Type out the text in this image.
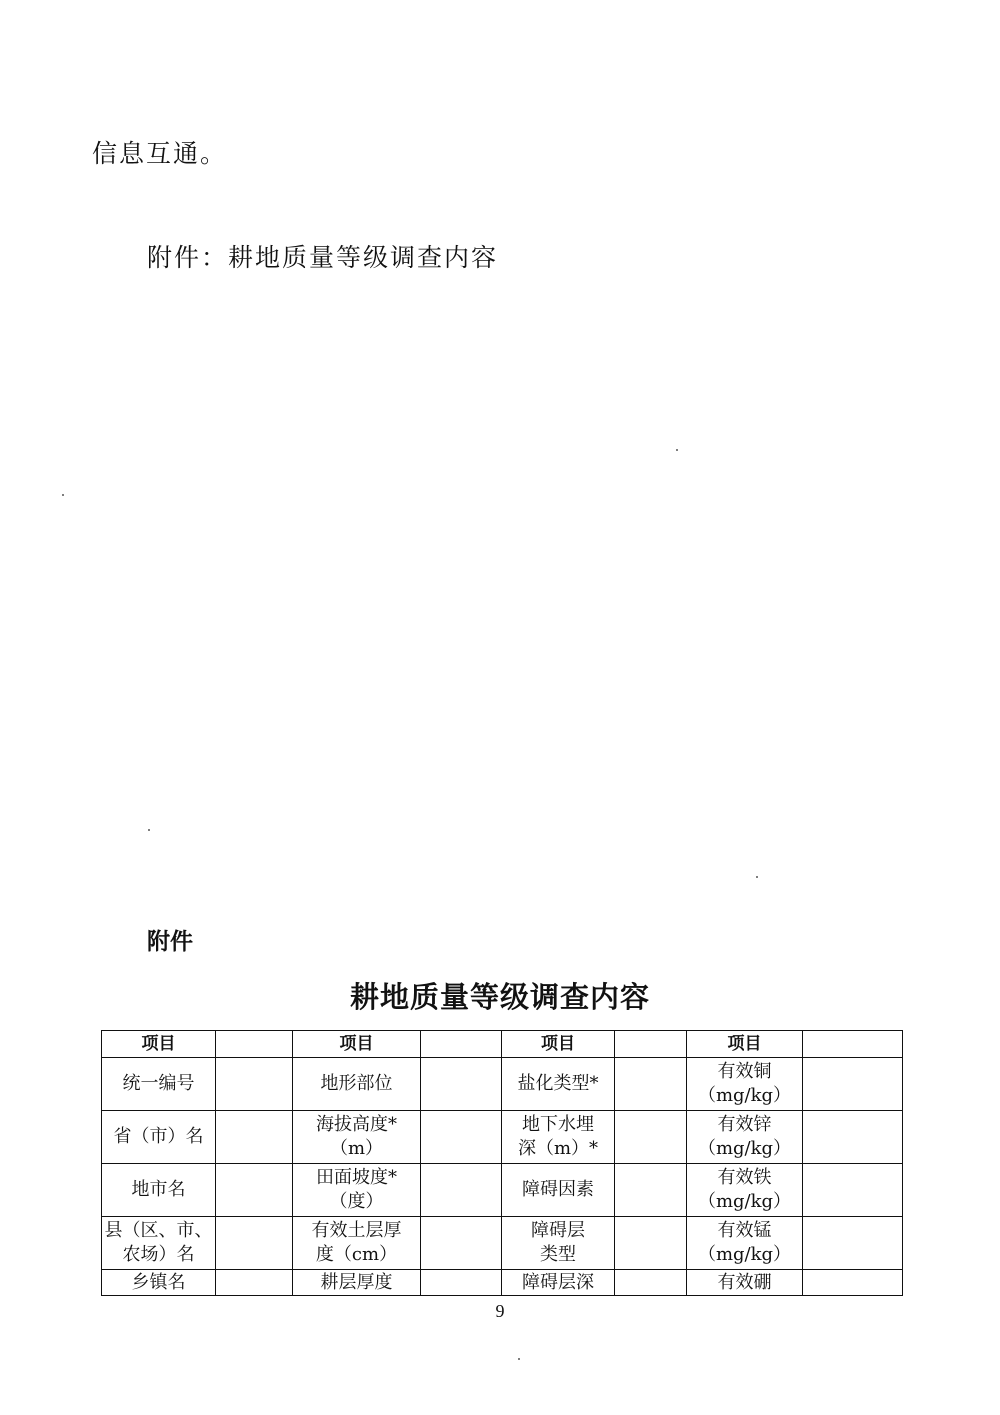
信息互通。
附件：耕地质量等级调查内容
附件
耕地质量等级调查内容
项目		项目		项目		项目	

统一编号		地形部位		盐化类型*		有效铜
（mg/kg）	

省（市）名		海拔高度*
（m）		地下水埋
深（m）*		有效锌
（mg/kg）	

地市名		田面坡度*
（度）		障碍因素		有效铁
（mg/kg）	

县（区、市、
农场）名		有效土层厚
度（cm）		障碍层
类型		有效锰
（mg/kg）	

乡镇名		耕层厚度		障碍层深		有效硼	

9
